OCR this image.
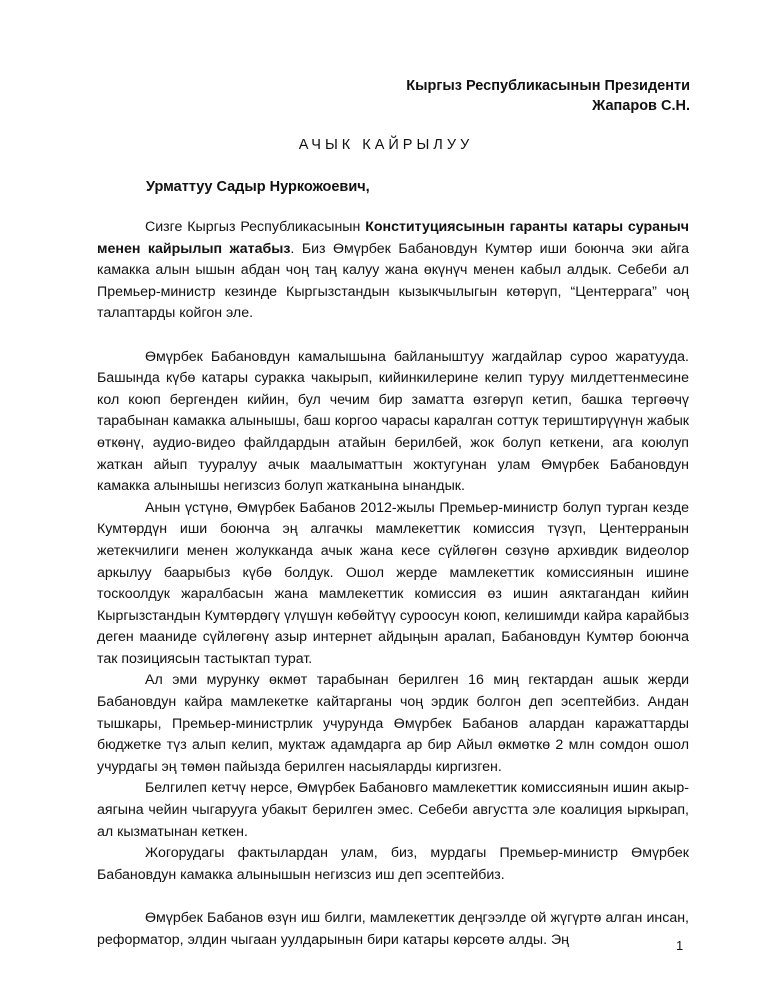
Кыргыз Республикасынын Президенти
Жапаров С.Н.
АЧЫК КАЙРЫЛУУ
Урматтуу Садыр Нуркожоевич,

Сизге Кыргыз Республикасынын Конституциясынын гаранты катары сураныч менен кайрылып жатабыз. Биз Өмүрбек Бабановдун Кумтөр иши боюнча эки айга камакка алын ышын абдан чоң таң калуу жана өкүнүч менен кабыл алдык. Себеби ал Премьер-министр кезинде Кыргызстандын кызыкчылыгын көтөрүп, “Центеррага” чоң талаптарды койгон эле.

Өмүрбек Бабановдун камалышына байланыштуу жагдайлар суроо жаратууда. Башында күбө катары суракка чакырып, кийинкилерине келип туруу милдеттенмесине кол коюп бергенден кийин, бул чечим бир заматта өзгөрүп кетип, башка тергөөчү тарабынан камакка алынышы, баш коргоо чарасы каралган соттук териштирүүнүн жабык өткөнү, аудио-видео файлдардын атайын берилбей, жок болуп кеткени, ага коюлуп жаткан айып тууралуу ачык маалыматтын жоктугунан улам Өмүрбек Бабановдун камакка алынышы негизсиз болуп жатканына ынандык.

Анын үстүнө, Өмүрбек Бабанов 2012-жылы Премьер-министр болуп турган кезде Кумтөрдүн иши боюнча эң алгачкы мамлекеттик комиссия түзүп, Центерранын жетекчилиги менен жолукканда ачык жана кесе сүйлөгөн сөзүнө архивдик видеолор аркылуу баарыбыз күбө болдук. Ошол жерде мамлекеттик комиссиянын ишине тоскоолдук жаралбасын жана мамлекеттик комиссия өз ишин аяктагандан кийин Кыргызстандын Кумтөрдөгү үлүшүн көбөйтүү суроосун коюп, келишимди кайра карайбыз деген мааниде сүйлөгөнү азыр интернет айдыңын аралап, Бабановдун Кумтөр боюнча так позициясын тастыктап турат.

Ал эми мурунку өкмөт тарабынан берилген 16 миң гектардан ашык жерди Бабановдун кайра мамлекетке кайтарганы чоң эрдик болгон деп эсептейбиз. Андан тышкары, Премьер-министрлик учурунда Өмүрбек Бабанов алардан каражаттарды бюджетке түз алып келип, муктаж адамдарга ар бир Айыл өкмөткө 2 млн сомдон ошол учурдагы эң төмөн пайызда берилген насыяларды киргизген.

Белгилеп кетчү нерсе, Өмүрбек Бабановго мамлекеттик комиссиянын ишин акыр-аягына чейин чыгарууга убакыт берилген эмес. Себеби августта эле коалиция ыркырап, ал кызматынан кеткен.

Жогорудагы фактылардан улам, биз, мурдагы Премьер-министр Өмүрбек Бабановдун камакка алынышын негизсиз иш деп эсептейбиз.

Өмүрбек Бабанов өзүн иш билги, мамлекеттик деңгээлде ой жүгүртө алган инсан, реформатор, элдин чыгаан уулдарынын бири катары көрсөтө алды. Эң	1
